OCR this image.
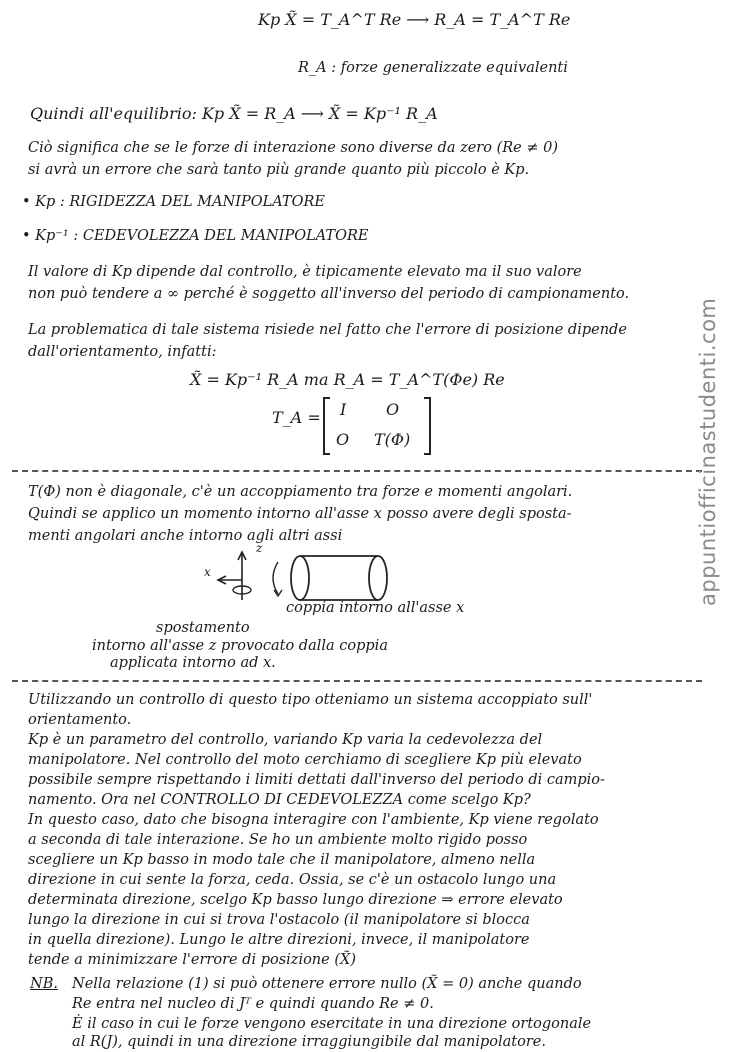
Kp X̃ = T_A^T Re ⟶ R_A = T_A^T Re
R_A : forze generalizzate equivalenti
Quindi all'equilibrio: Kp X̃ = R_A ⟶ X̃ = Kp⁻¹ R_A
Ciò significa che se le forze di interazione sono diverse da zero (Re ≠ 0)
si avrà un errore che sarà tanto più grande quanto più piccolo è Kp.
• Kp : RIGIDEZZA DEL MANIPOLATORE
• Kp⁻¹ : CEDEVOLEZZA DEL MANIPOLATORE
Il valore di Kp dipende dal controllo, è tipicamente elevato ma il suo valore
non può tendere a ∞ perché è soggetto all'inverso del periodo di campionamento.
La problematica di tale sistema risiede nel fatto che l'errore di posizione dipende
dall'orientamento, infatti:
X̃ = Kp⁻¹ R_A ma R_A = T_A^T(Φe) Re
T_A = I O
O T(Φ)
T(Φ) non è diagonale, c'è un accoppiamento tra forze e momenti angolari.
Quindi se applico un momento intorno all'asse x posso avere degli sposta-
menti angolari anche intorno agli altri assi
z
x
coppia intorno all'asse x
spostamento
intorno all'asse z provocato dalla coppia
applicata intorno ad x.
Utilizzando un controllo di questo tipo otteniamo un sistema accoppiato sull'
orientamento.
Kp è un parametro del controllo, variando Kp varia la cedevolezza del
manipolatore. Nel controllo del moto cerchiamo di scegliere Kp più elevato
possibile sempre rispettando i limiti dettati dall'inverso del periodo di campio-
namento. Ora nel CONTROLLO DI CEDEVOLEZZA come scelgo Kp?
In questo caso, dato che bisogna interagire con l'ambiente, Kp viene regolato
a seconda di tale interazione. Se ho un ambiente molto rigido posso
scegliere un Kp basso in modo tale che il manipolatore, almeno nella
direzione in cui sente la forza, ceda. Ossia, se c'è un ostacolo lungo una
determinata direzione, scelgo Kp basso lungo direzione ⇒ errore elevato
lungo la direzione in cui si trova l'ostacolo (il manipolatore si blocca
in quella direzione). Lungo le altre direzioni, invece, il manipolatore
tende a minimizzare l'errore di posizione (X̃)
NB. Nella relazione (1) si può ottenere errore nullo (X̃ = 0) anche quando
Re entra nel nucleo di Jᵀ e quindi quando Re ≠ 0.
È il caso in cui le forze vengono esercitate in una direzione ortogonale
al R(J), quindi in una direzione irraggiungibile dal manipolatore.
appuntiofficinastudenti.com
